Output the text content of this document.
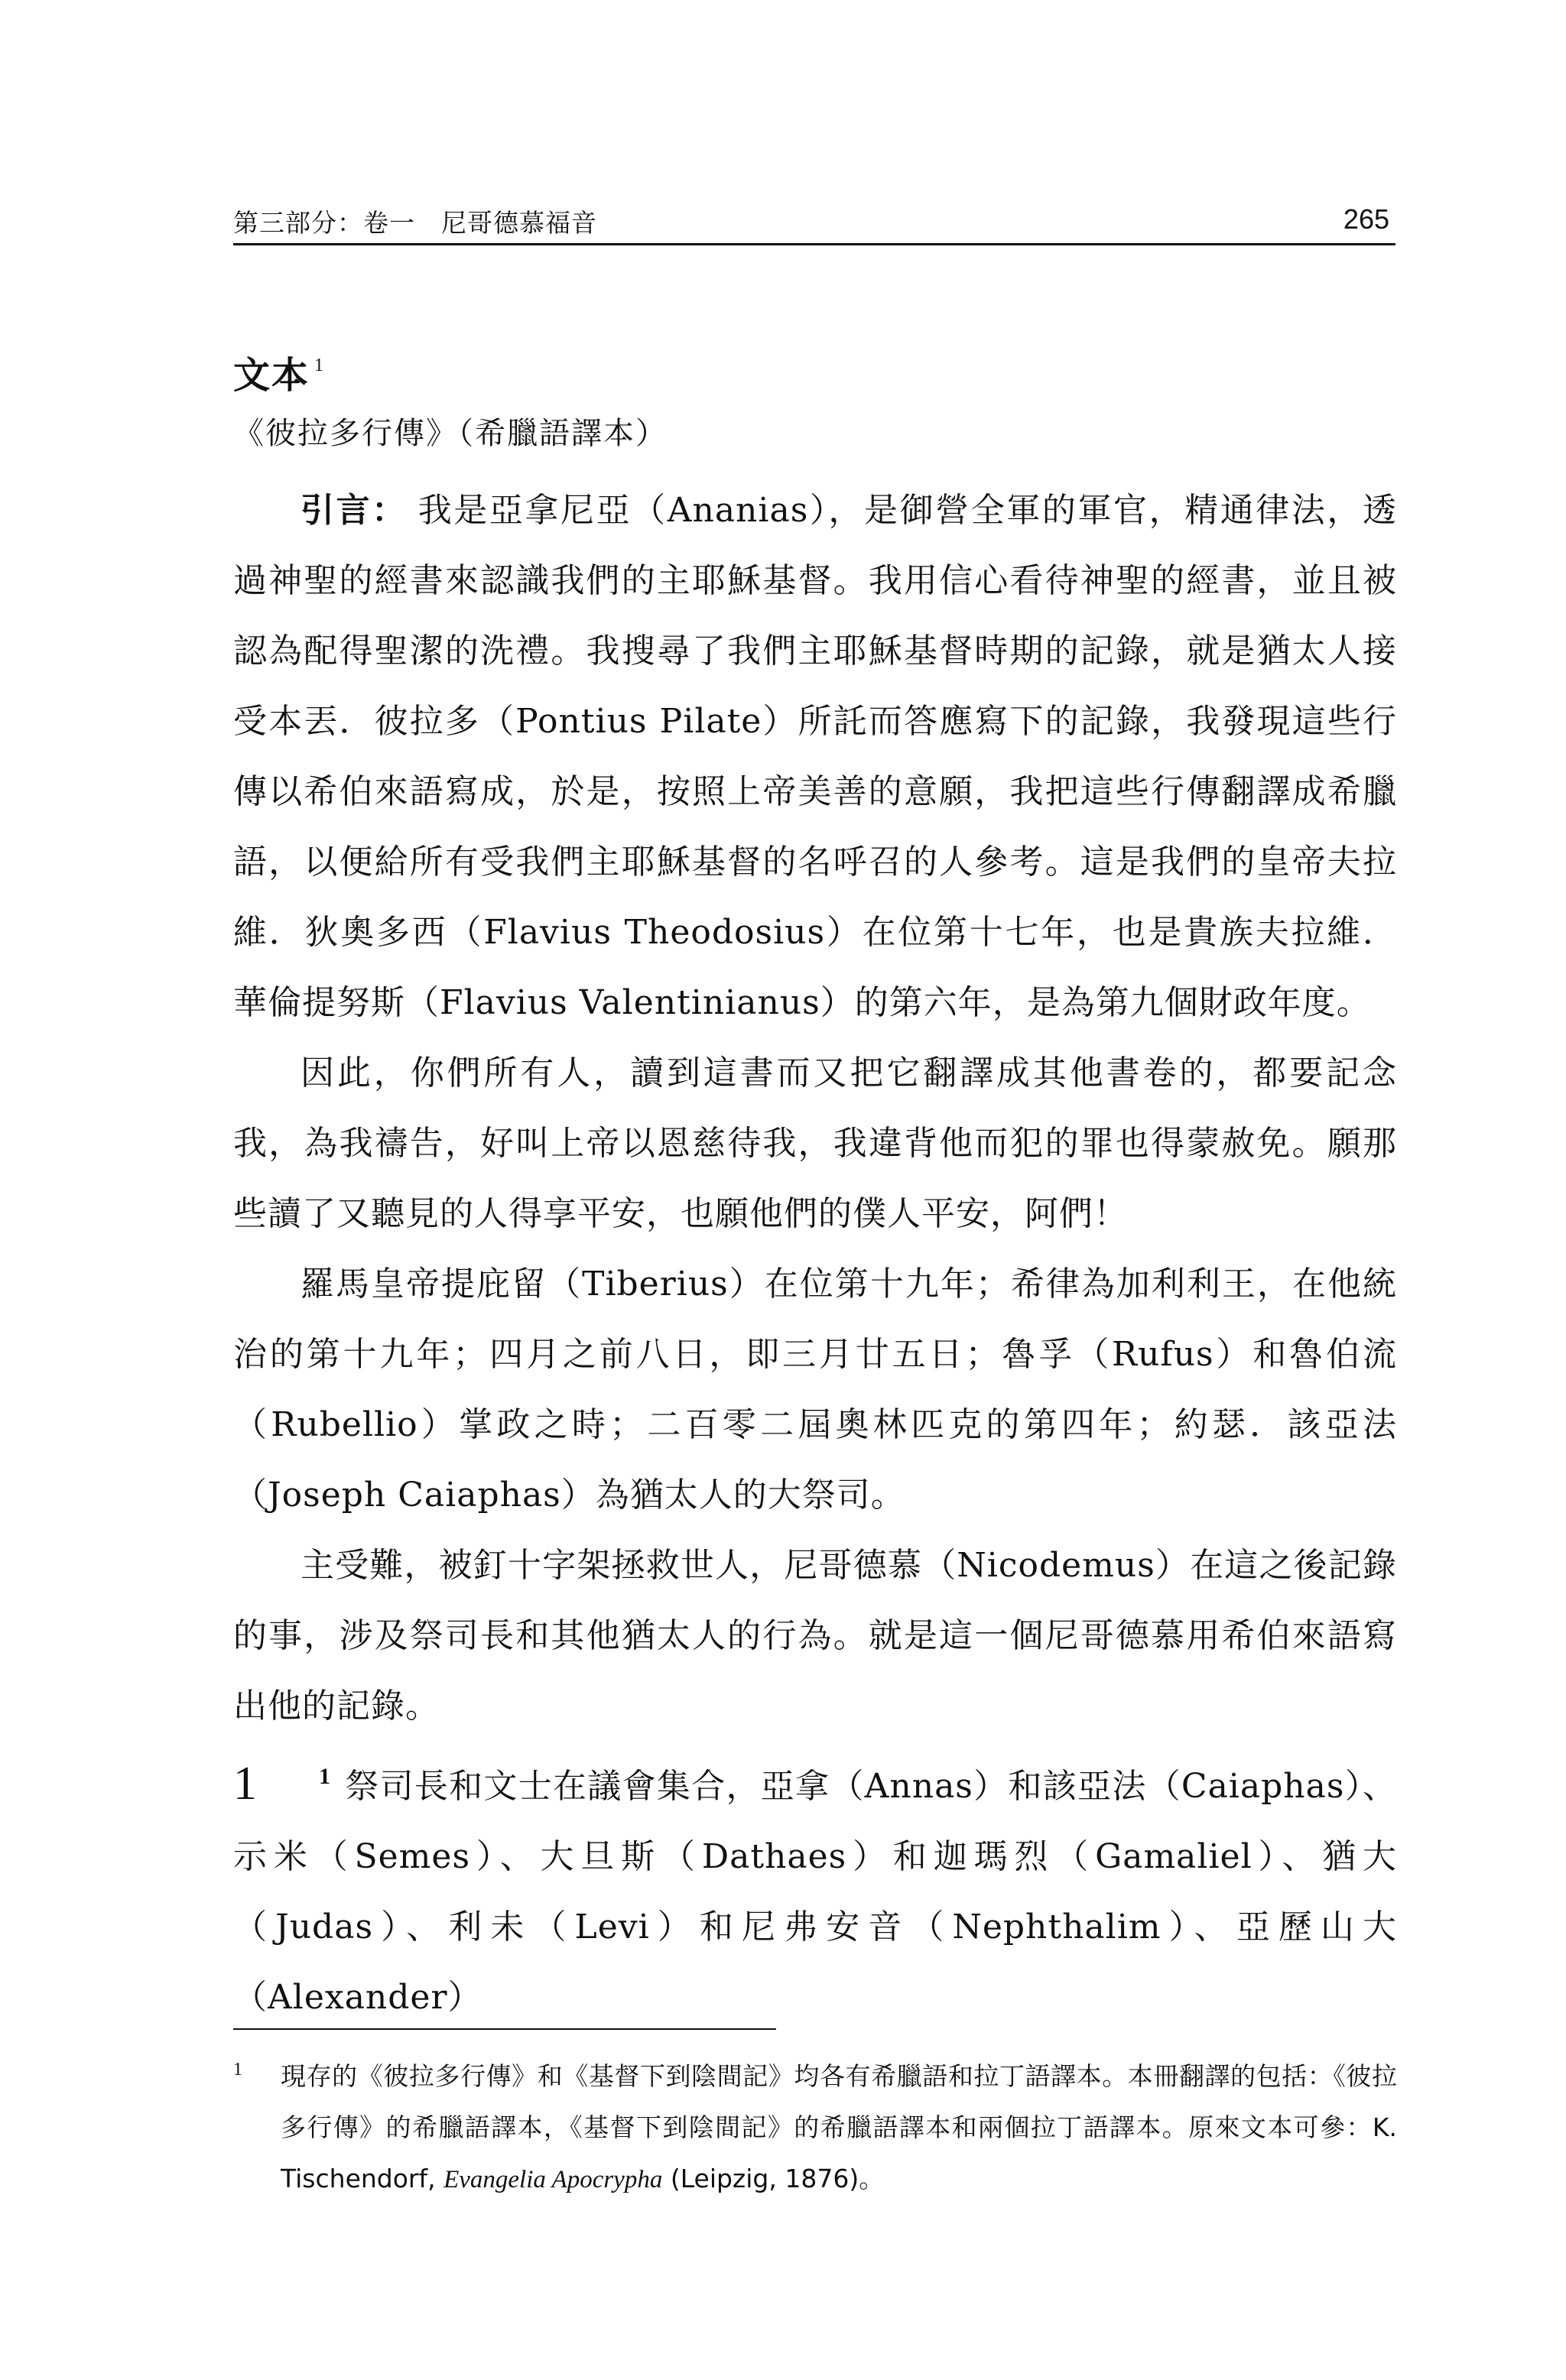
第三部分：卷一　尼哥德慕福音	265
文本 $^1$
《彼拉多行傳》（希臘語譯本）

引言： 我是亞拿尼亞（Ananias），是御營全軍的軍官，精通律法，透過神聖的經書來認識我們的主耶穌基督。我用信心看待神聖的經書，並且被認為配得聖潔的洗禮。我搜尋了我們主耶穌基督時期的記錄，就是猶太人接受本丟．彼拉多（Pontius Pilate）所託而答應寫下的記錄，我發現這些行傳以希伯來語寫成，於是，按照上帝美善的意願，我把這些行傳翻譯成希臘語，以便給所有受我們主耶穌基督的名呼召的人參考。這是我們的皇帝夫拉維．狄奧多西（Flavius Theodosius）在位第十七年，也是貴族夫拉維．華倫提努斯（Flavius Valentinianus）的第六年，是為第九個財政年度。

因此，你們所有人，讀到這書而又把它翻譯成其他書卷的，都要記念我，為我禱告，好叫上帝以恩慈待我，我違背他而犯的罪也得蒙赦免。願那些讀了又聽見的人得享平安，也願他們的僕人平安，阿們！

羅馬皇帝提庇留（Tiberius）在位第十九年；希律為加利利王，在他統治的第十九年；四月之前八日，即三月廿五日；魯孚（Rufus）和魯伯流（Rubellio）掌政之時；二百零二屆奧林匹克的第四年；約瑟．該亞法（Joseph Caiaphas）為猶太人的大祭司。

主受難，被釘十字架拯救世人，尼哥德慕（Nicodemus）在這之後記錄的事，涉及祭司長和其他猶太人的行為。就是這一個尼哥德慕用希伯來語寫出他的記錄。

1	$^1$ 祭司長和文士在議會集合，亞拿（Annas）和該亞法（Caiaphas）、示米（Semes）、大旦斯（Dathaes）和迦瑪烈（Gamaliel）、猶大（Judas）、利未（Levi）和尼弗安音（Nephthalim）、亞歷山大（Alexander）

1 現存的《彼拉多行傳》和《基督下到陰間記》均各有希臘語和拉丁語譯本。本冊翻譯的包括：《彼拉多行傳》的希臘語譯本，《基督下到陰間記》的希臘語譯本和兩個拉丁語譯本。原來文本可參：K. Tischendorf, Evangelia Apocrypha (Leipzig, 1876)。
